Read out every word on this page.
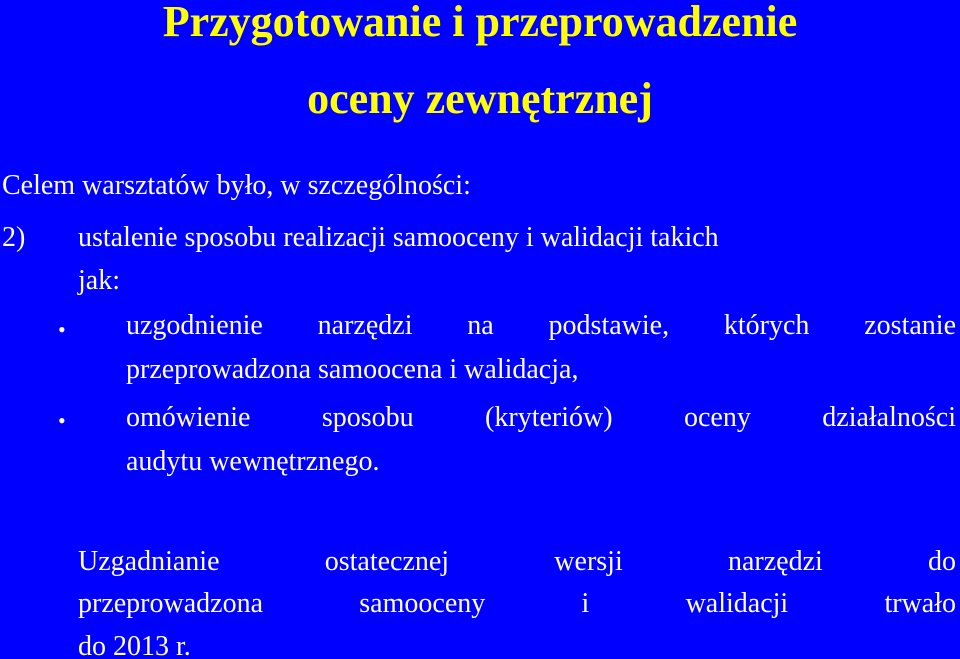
Przygotowanie i przeprowadzenie
oceny zewnętrznej
Celem warsztatów było, w szczególności:
2) ustalenie sposobu realizacji samooceny i walidacji takich
jak:
• uzgodnienie narzędzi na podstawie, których zostanie
przeprowadzona samoocena i walidacja,
• omówienie sposobu (kryteriów) oceny działalności
audytu wewnętrznego.
Uzgadnianie ostatecznej wersji narzędzi do
przeprowadzona samooceny i walidacji trwało
do 2013 r.
